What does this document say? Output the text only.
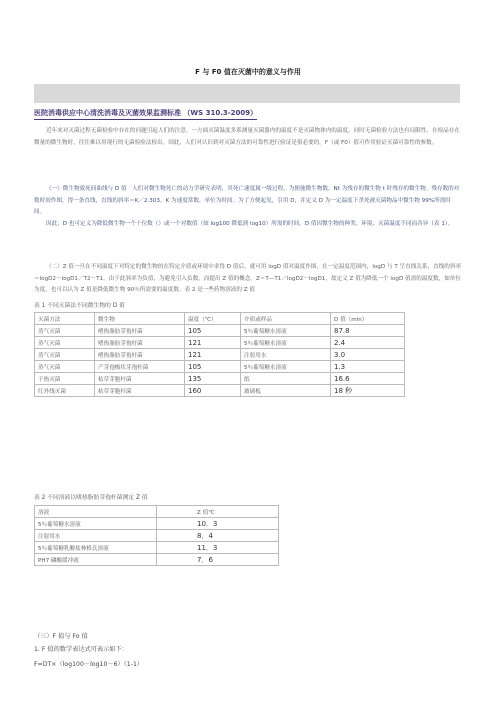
F 与 F0 值在灭菌中的意义与作用
医院消毒供应中心清洗消毒及灭菌效果监测标准 （WS 310.3-2009）
近年来对灭菌过程无菌检验中存在的问题引起人们的注意，一方面灭菌温度多系测量灭菌器内的温度不是灭菌物体内的温度，同时无菌检验方法也有局限性，在检品存在微量的微生物时，往往难以用现行的无菌检验法检出。因此，人们对认识到对灭菌方法的可靠性进行验证是很必要的。F（或 F0）值可作用验证灭菌可靠性的参数。
（一）微生物致死间曲线与 D 值　人们对微生物死亡的动力学研究表明，其死亡速度属一级过程。为便施微生物数。Nt 为残存的微生物 t 时残存的微生物。残存数的对数时间作图，得一条直线，直线的斜率＝K／2.303。K 为速度常数，单位为时间。为了方便起见，引用 D，并定义 D 为一定温度下杀死被灭菌物品中微生物 99%所需时间。
因此，D 也可定义为降低微生物一个十位数（）或一个对数值（如 log100 降低到 log10）所需的时间。D 值因微生物的种类、环境、灭菌温度不同而各异（表 1）。
（二）Z 值一旦在不同温度下对特定的微生物的在特定介质或环境中求得 D 值后，就可用 logD 值对温度作图，在一定温度范围内，logD 与 T 呈直线关系，直线的斜率＝logD2－logD1／T2－T1。由于此斜率为负值，为避免引入负数，而提出 Z 值的概念。Z＝T—T1／logD2－logD1，故定义 Z 值为降低一个 logD 值需的温度数，如单位为度，也可以认为 Z 值是降低微生物 90％所需要的温度数。表 2 是一些药物溶液的 Z 值
表 1 不同灭菌法不同微生物的 D 值
灭菌方法	微生物	温度（℃）	介质或样品	D 值（min）
蒸气灭菌	嗜热脂肪芽孢杆菌	105	5％葡萄糖水溶液	87.8
蒸气灭菌	嗜热脂肪芽孢杆菌	121	5％葡萄糖水溶液	2.4
蒸气灭菌	嗜热脂肪芽孢杆菌	121	注射用水	3.0
蒸气灭菌	产芽孢梭状芽孢杆菌	105	5％葡萄糖水溶液	1.3
干热灭菌	枯草芽胞杆菌	135	纸	16.6
红外线灭菌	枯草芽胞杆菌	160	玻璃板	18 秒
表 2 不同溶液以嗜热脂肪芽孢杆菌测定 Z 值
溶液	Z 值℃
5％葡萄糖水溶液	10．3
注射用水	8．4
5％葡萄糖乳酸盐林格氏溶液	11．3
PH7 磷酸缓冲液	7．6
（三）F 值与 Fo 值
1. F 值的数学表达式可表示如下：
F=DT×（log100－log10－6）（1-1）
